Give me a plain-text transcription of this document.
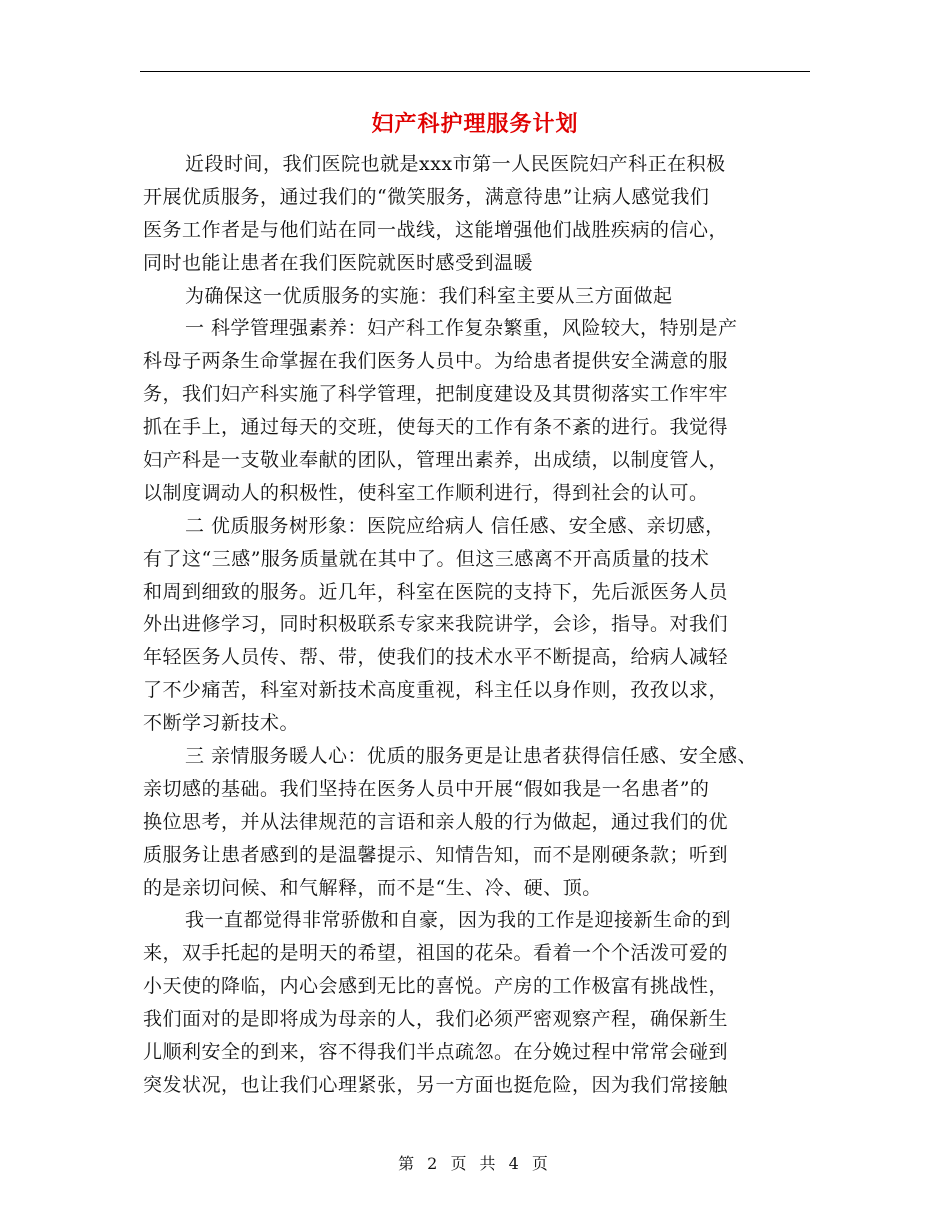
妇产科护理服务计划
近段时间，我们医院也就是xxx市第一人民医院妇产科正在积极
开展优质服务，通过我们的“微笑服务，满意待患”让病人感觉我们
医务工作者是与他们站在同一战线，这能增强他们战胜疾病的信心，
同时也能让患者在我们医院就医时感受到温暖
为确保这一优质服务的实施：我们科室主要从三方面做起
一 科学管理强素养：妇产科工作复杂繁重，风险较大，特别是产
科母子两条生命掌握在我们医务人员中。为给患者提供安全满意的服
务，我们妇产科实施了科学管理，把制度建设及其贯彻落实工作牢牢
抓在手上，通过每天的交班，使每天的工作有条不紊的进行。我觉得
妇产科是一支敬业奉献的团队，管理出素养，出成绩，以制度管人，
以制度调动人的积极性，使科室工作顺利进行，得到社会的认可。
二 优质服务树形象：医院应给病人 信任感、安全感、亲切感，
有了这“三感”服务质量就在其中了。但这三感离不开高质量的技术
和周到细致的服务。近几年，科室在医院的支持下，先后派医务人员
外出进修学习，同时积极联系专家来我院讲学，会诊，指导。对我们
年轻医务人员传、帮、带，使我们的技术水平不断提高，给病人减轻
了不少痛苦，科室对新技术高度重视，科主任以身作则，孜孜以求，
不断学习新技术。
三 亲情服务暖人心：优质的服务更是让患者获得信任感、安全感、
亲切感的基础。我们坚持在医务人员中开展“假如我是一名患者”的
换位思考，并从法律规范的言语和亲人般的行为做起，通过我们的优
质服务让患者感到的是温馨提示、知情告知，而不是刚硬条款；听到
的是亲切问候、和气解释，而不是“生、冷、硬、顶。
我一直都觉得非常骄傲和自豪，因为我的工作是迎接新生命的到
来，双手托起的是明天的希望，祖国的花朵。看着一个个活泼可爱的
小天使的降临，内心会感到无比的喜悦。产房的工作极富有挑战性，
我们面对的是即将成为母亲的人，我们必须严密观察产程，确保新生
儿顺利安全的到来，容不得我们半点疏忽。在分娩过程中常常会碰到
突发状况，也让我们心理紧张，另一方面也挺危险，因为我们常接触
第 2 页 共 4 页
